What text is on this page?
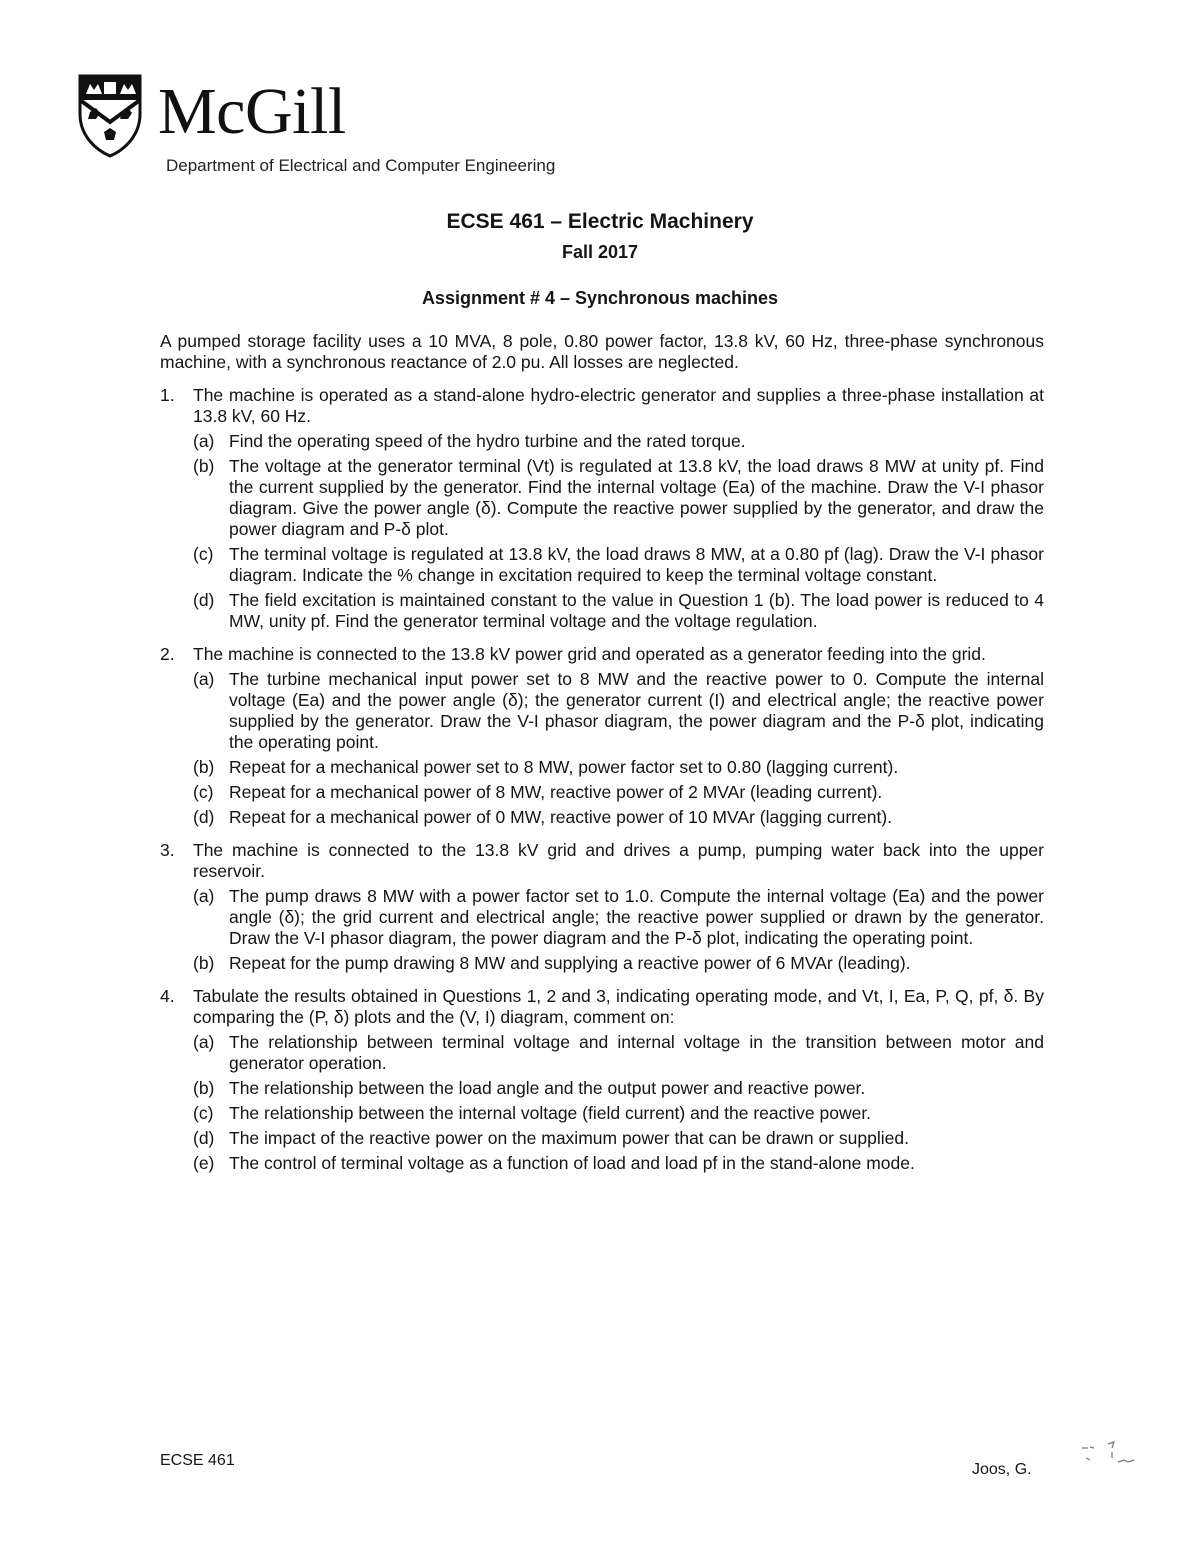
McGill
Department of Electrical and Computer Engineering
ECSE 461 – Electric Machinery
Fall 2017
Assignment # 4 – Synchronous machines

A pumped storage facility uses a 10 MVA, 8 pole, 0.80 power factor, 13.8 kV, 60 Hz, three-phase synchronous machine, with a synchronous reactance of 2.0 pu. All losses are neglected.

1. The machine is operated as a stand-alone hydro-electric generator and supplies a three-phase installation at 13.8 kV, 60 Hz.
(a) Find the operating speed of the hydro turbine and the rated torque.
(b) The voltage at the generator terminal (Vt) is regulated at 13.8 kV, the load draws 8 MW at unity pf. Find the current supplied by the generator. Find the internal voltage (Ea) of the machine. Draw the V-I phasor diagram. Give the power angle (δ). Compute the reactive power supplied by the generator, and draw the power diagram and P-δ plot.
(c) The terminal voltage is regulated at 13.8 kV, the load draws 8 MW, at a 0.80 pf (lag). Draw the V-I phasor diagram. Indicate the % change in excitation required to keep the terminal voltage constant.
(d) The field excitation is maintained constant to the value in Question 1 (b). The load power is reduced to 4 MW, unity pf. Find the generator terminal voltage and the voltage regulation.
2. The machine is connected to the 13.8 kV power grid and operated as a generator feeding into the grid.
(a) The turbine mechanical input power set to 8 MW and the reactive power to 0. Compute the internal voltage (Ea) and the power angle (δ); the generator current (I) and electrical angle; the reactive power supplied by the generator. Draw the V-I phasor diagram, the power diagram and the P-δ plot, indicating the operating point.
(b) Repeat for a mechanical power set to 8 MW, power factor set to 0.80 (lagging current).
(c) Repeat for a mechanical power of 8 MW, reactive power of 2 MVAr (leading current).
(d) Repeat for a mechanical power of 0 MW, reactive power of 10 MVAr (lagging current).
3. The machine is connected to the 13.8 kV grid and drives a pump, pumping water back into the upper reservoir.
(a) The pump draws 8 MW with a power factor set to 1.0. Compute the internal voltage (Ea) and the power angle (δ); the grid current and electrical angle; the reactive power supplied or drawn by the generator. Draw the V-I phasor diagram, the power diagram and the P-δ plot, indicating the operating point.
(b) Repeat for the pump drawing 8 MW and supplying a reactive power of 6 MVAr (leading).
4. Tabulate the results obtained in Questions 1, 2 and 3, indicating operating mode, and Vt, I, Ea, P, Q, pf, δ. By comparing the (P, δ) plots and the (V, I) diagram, comment on:
(a) The relationship between terminal voltage and internal voltage in the transition between motor and generator operation.
(b) The relationship between the load angle and the output power and reactive power.
(c) The relationship between the internal voltage (field current) and the reactive power.
(d) The impact of the reactive power on the maximum power that can be drawn or supplied.
(e) The control of terminal voltage as a function of load and load pf in the stand-alone mode.
ECSE 461
Joos, G.
